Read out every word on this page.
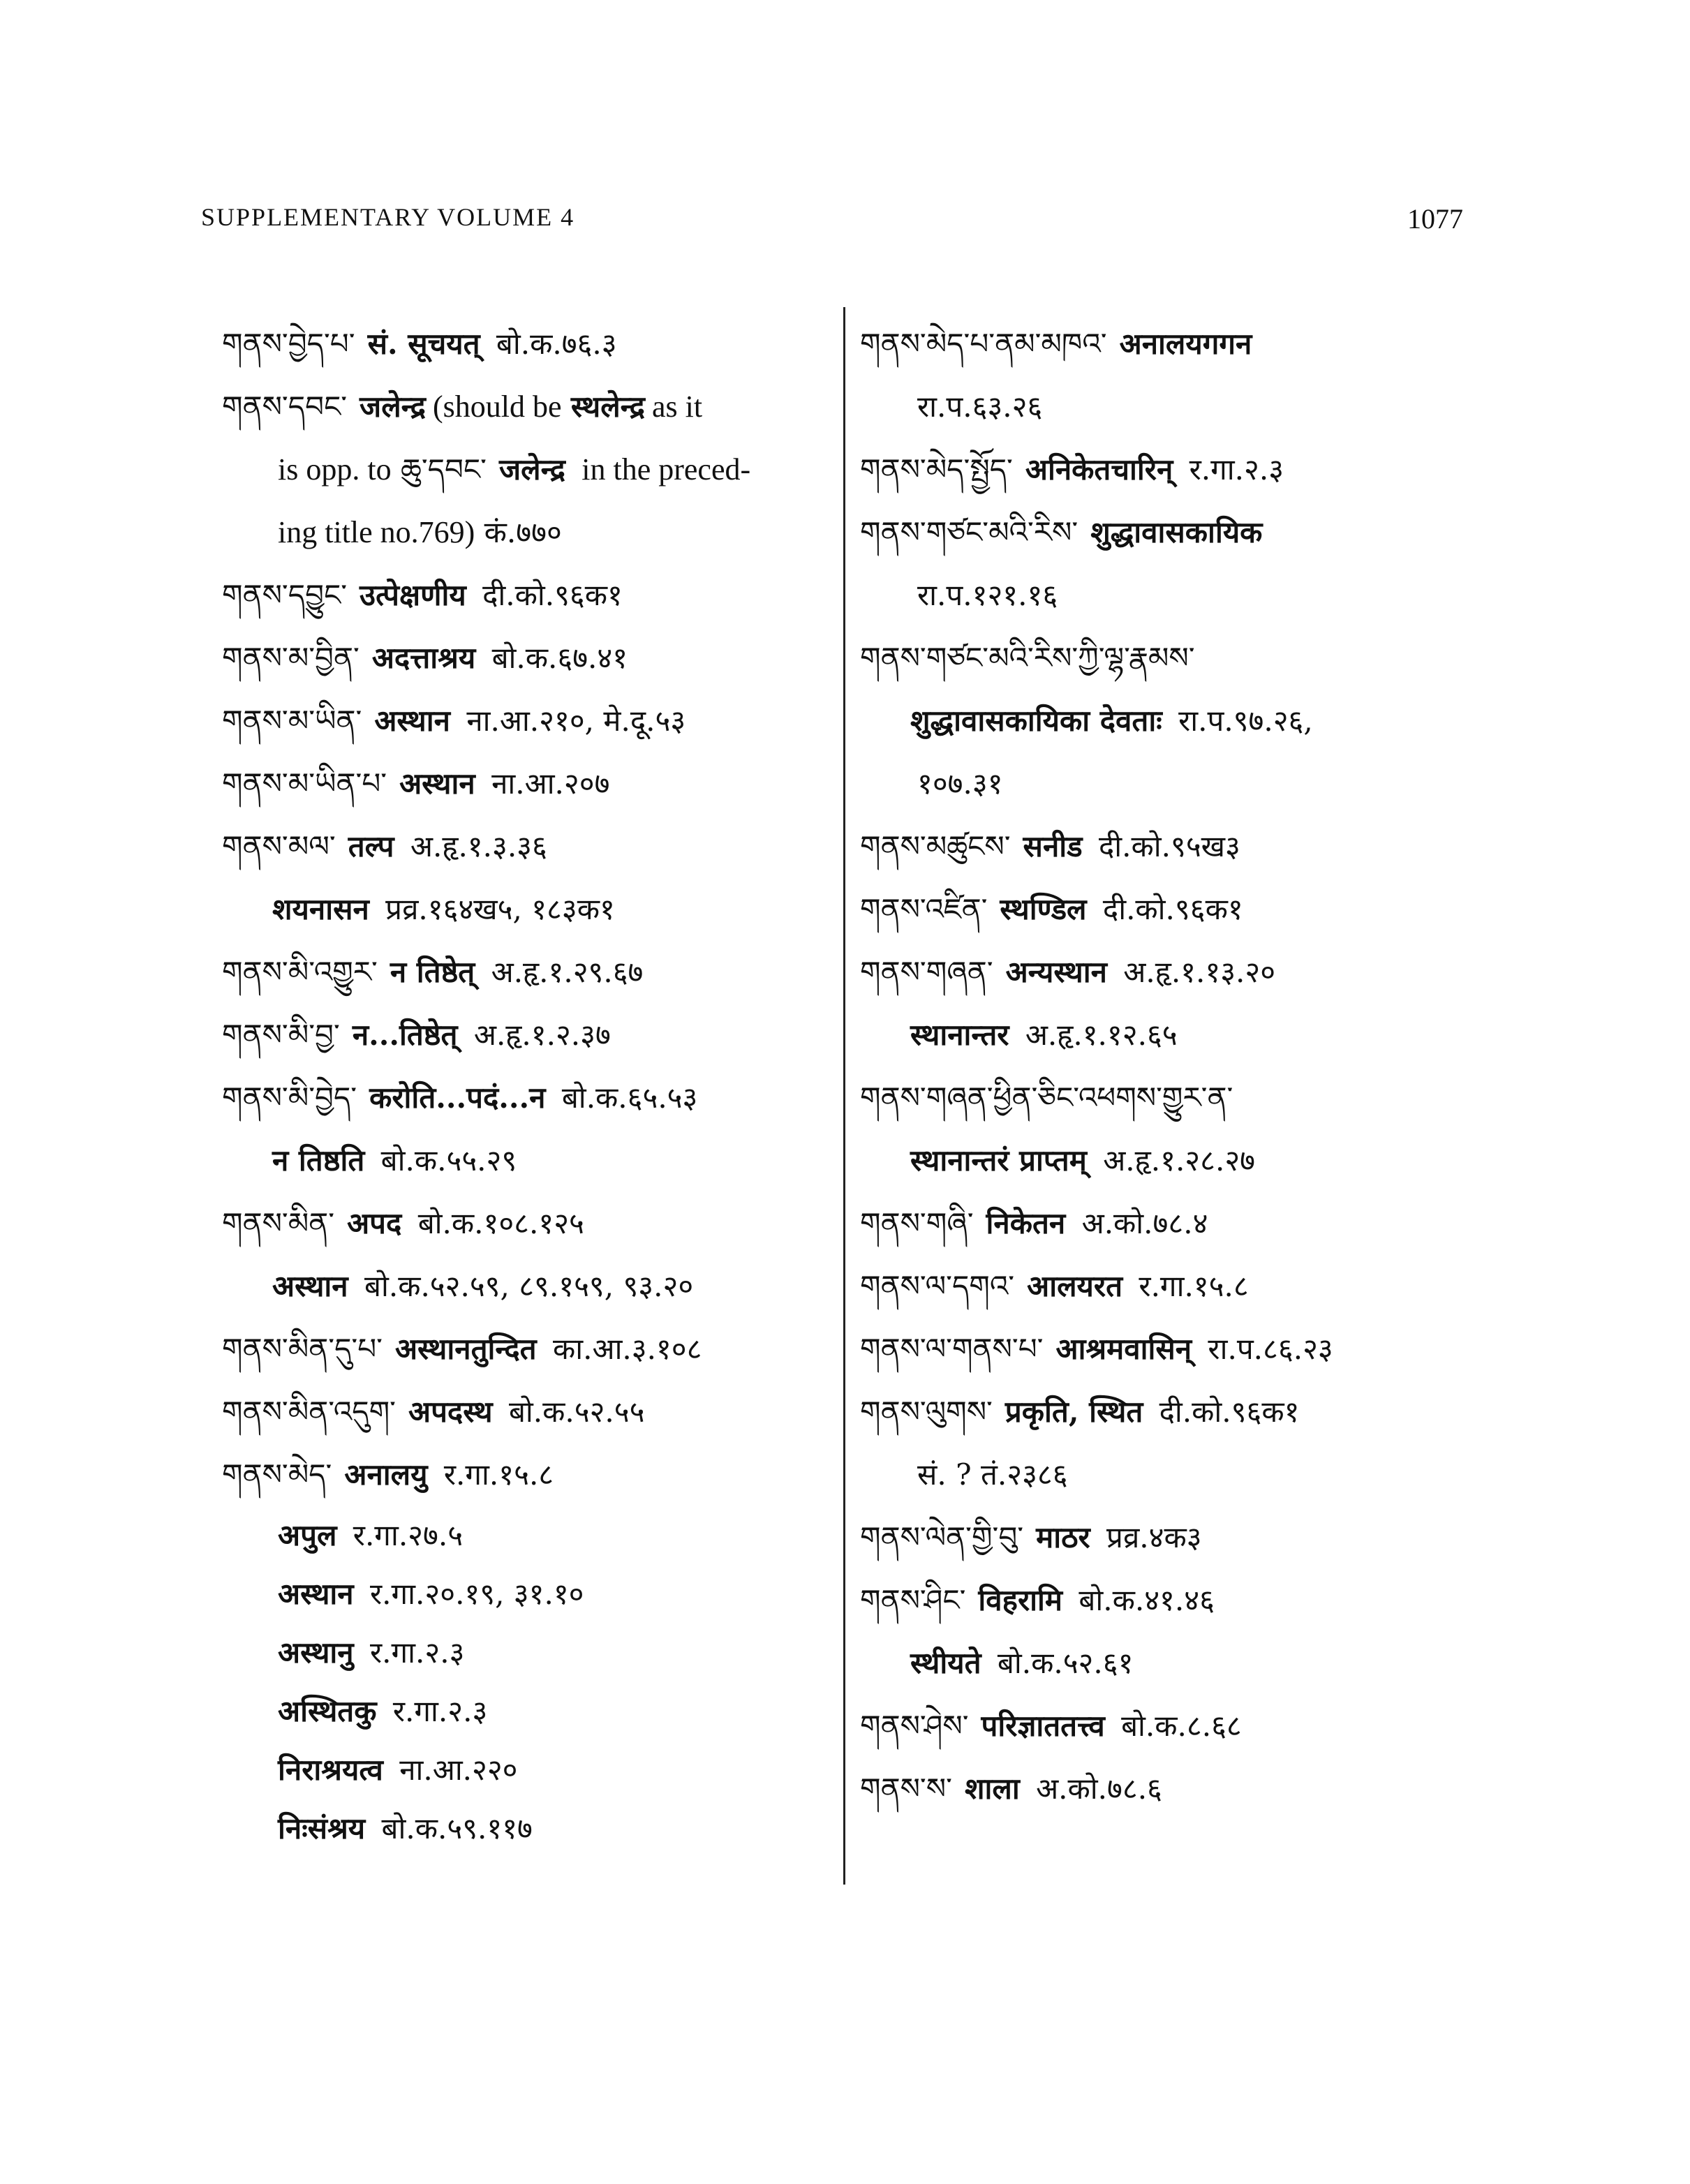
SUPPLEMENTARY VOLUME 4	1077
གནས་བྱེད་པ་ सं. सूचयत् बो.क.७६.३
གནས་དབང་ जलेन्द्र (should be स्थलेन्द्र as it
is opp. to ཆུ་དབང་ जलेन्द्र in the preced-
ing title no.769) कं.७७०
གནས་དབྱུང་ उत्पेक्षणीय दी.को.९६क१
གནས་མ་བྱིན་ अदत्ताश्रय बो.क.६७.४१
གནས་མ་ཡིན་ अस्थान ना.आ.२१०, मे.दू.५३
གནས་མ་ཡིན་པ་ अस्थान ना.आ.२०७
གནས་མལ་ तल्प अ.हृ.१.३.३६
शयनासन प्रव्र.१६४ख५, १८३क१
གནས་མི་འགྱུར་ न तिष्ठेत् अ.हृ.१.२९.६७
གནས་མི་བྱ་ न...तिष्ठेत् अ.हृ.१.२.३७
གནས་མི་བྱེད་ करोति...पदं...न बो.क.६५.५३
न तिष्ठति बो.क.५५.२९
གནས་མིན་ अपद बो.क.१०८.१२५
अस्थान बो.क.५२.५९, ८९.१५९, ९३.२०
གནས་མིན་དུ་པ་ अस्थानतुन्दित का.आ.३.१०८
གནས་མིན་འདུག་ अपदस्थ बो.क.५२.५५
གནས་མེད་ अनालयु र.गा.१५.८
अपुल र.गा.२७.५
अस्थान र.गा.२०.१९, ३१.१०
अस्थानु र.गा.२.३
अस्थितकु र.गा.२.३
निराश्रयत्व ना.आ.२२०
निःसंश्रय बो.क.५९.११७
གནས་མེད་པ་ནམ་མཁའ་ अनालयगगन
रा.प.६३.२६
གནས་མེད་སྤྱོད་ अनिकेतचारिन् र.गा.२.३
གནས་གཙང་མའི་རིས་ शुद्धावासकायिक
रा.प.१२१.१६
གནས་གཙང་མའི་རིས་ཀྱི་ལྷ་རྣམས་
शुद्धावासकायिका देवताः रा.प.९७.२६,
१०७.३१
གནས་མཚུངས་ सनीड दी.को.९५ख३
གནས་འཛིན་ स्थण्डिल दी.को.९६क१
གནས་གཞན་ अन्यस्थान अ.हृ.१.१३.२०
स्थानान्तर अ.हृ.१.१२.६५
གནས་གཞན་ཕྱིན་ཅིང་འཕགས་གྱུར་ན་
स्थानान्तरं प्राप्तम् अ.हृ.१.२८.२७
གནས་གཞི་ निकेतन अ.को.७८.४
གནས་ལ་དགའ་ आलयरत र.गा.१५.८
གནས་ལ་གནས་པ་ आश्रमवासिन् रा.प.८६.२३
གནས་ལུགས་ प्रकृति, स्थित दी.को.९६क१
सं. ? तं.२३८६
གནས་ལེན་གྱི་བུ་ माठर प्रव्र.४क३
གནས་ཤིང་ विहरामि बो.क.४१.४६
स्थीयते बो.क.५२.६१
གནས་ཤེས་ परिज्ञाततत्त्व बो.क.८.६८
གནས་ས་ शाला अ.को.७८.६
